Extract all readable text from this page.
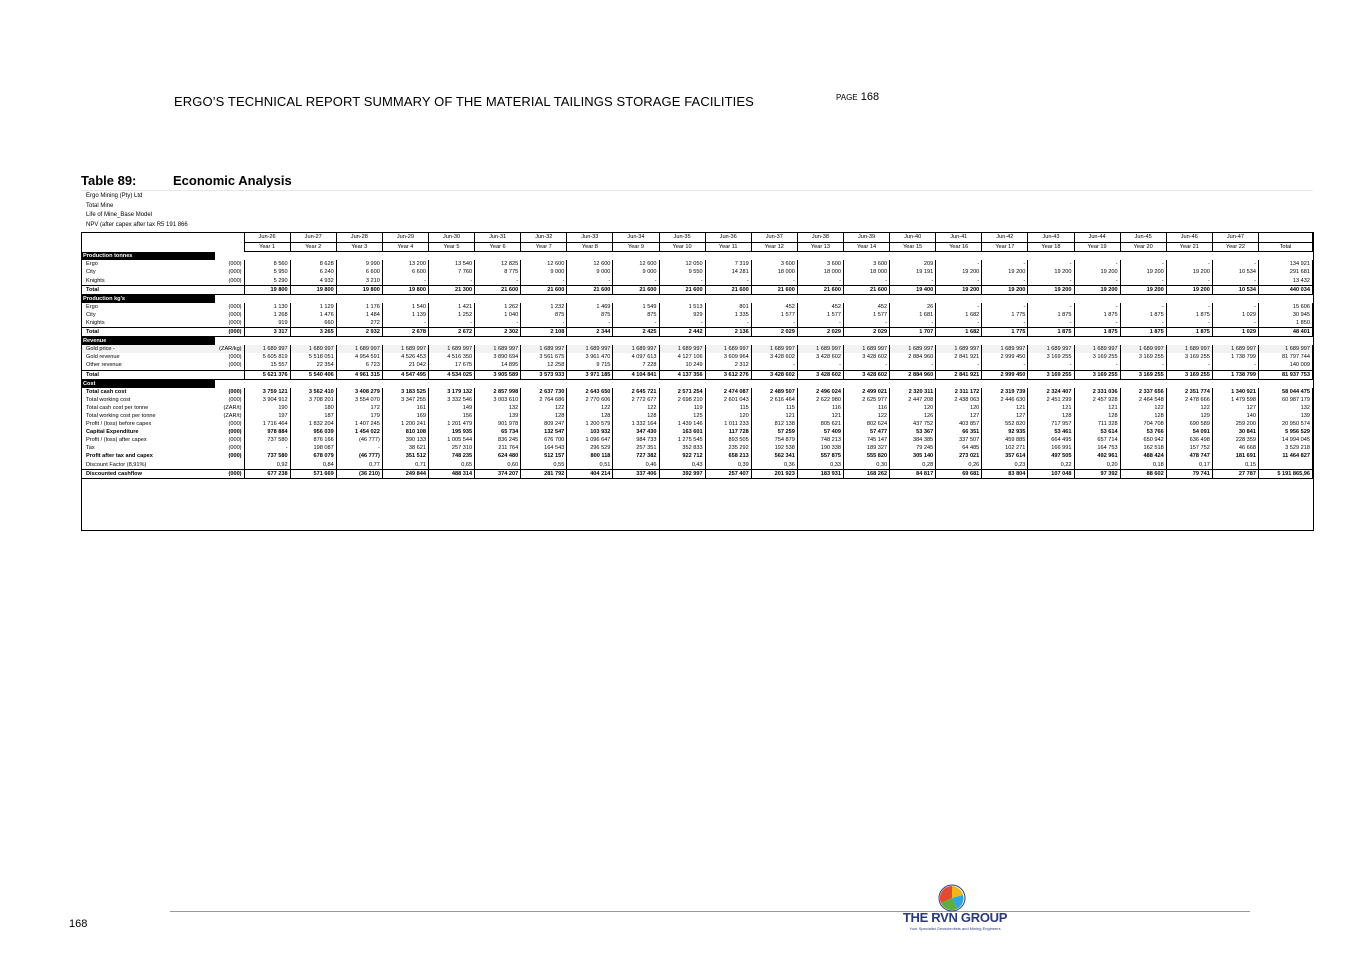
ERGO’S TECHNICAL REPORT SUMMARY OF THE MATERIAL TAILINGS STORAGE FACILITIES	PAGE 168
Table 89:	Economic Analysis
Ergo Mining (Pty) Ltd
Total Mine
Life of Mine_Base Model
NPV (after capex after tax R5 191 866
		Jun-26	Jun-27	Jun-28	Jun-29	Jun-30	Jun-31	Jun-32	Jun-33	Jun-34	Jun-35	Jun-36	Jun-37	Jun-38	Jun-39	Jun-40	Jun-41	Jun-42	Jun-43	Jun-44	Jun-45	Jun-46	Jun-47	
		Year 1	Year 2	Year 3	Year 4	Year 5	Year 6	Year 7	Year 8	Year 9	Year 10	Year 11	Year 12	Year 13	Year 14	Year 15	Year 16	Year 17	Year 18	Year 19	Year 20	Year 21	Year 22	Total
Production tonnes																								
Ergo	(000)	8 560	8 628	9 990	13 200	13 540	12 825	12 600	12 600	12 600	12 050	7 319	3 600	3 600	3 600	209	-	-	-	-	-	-	-	134 921
City	(000)	5 950	6 240	6 600	6 600	7 760	8 775	9 000	9 000	9 000	9 550	14 281	18 000	18 000	18 000	19 191	19 200	19 200	19 200	19 200	19 200	19 200	10 534	291 681
Knights	(000)	5 290	4 932	3 210	-	-	-	-	-	-	-	-	-	-	-	-	-	-	-	-	-	-	-	13 432
Total		19 800	19 800	19 800	19 800	21 300	21 600	21 600	21 600	21 600	21 600	21 600	21 600	21 600	21 600	19 400	19 200	19 200	19 200	19 200	19 200	19 200	10 534	440 034
Production kg's																								
Ergo	(000)	1 130	1 129	1 176	1 540	1 421	1 262	1 232	1 469	1 549	1 513	801	452	452	452	26	-	-	-	-	-	-	-	15 606
City	(000)	1 268	1 476	1 484	1 139	1 252	1 040	875	875	875	929	1 335	1 577	1 577	1 577	1 681	1 682	1 775	1 875	1 875	1 875	1 875	1 029	30 945
Knights	(000)	919	660	272	-	-	-	-	-	-	-	-	-	-	-	-	-	-	-	-	-	-	-	1 850
Total	(000)	3 317	3 265	2 932	2 678	2 672	2 302	2 108	2 344	2 425	2 442	2 136	2 029	2 029	2 029	1 707	1 682	1 775	1 875	1 875	1 875	1 875	1 029	48 401
Revenue																								
Gold price -	(ZAR/kg)	1 689 997	1 689 997	1 689 997	1 689 997	1 689 997	1 689 997	1 689 997	1 689 997	1 689 997	1 689 997	1 689 997	1 689 997	1 689 997	1 689 997	1 689 997	1 689 997	1 689 997	1 689 997	1 689 997	1 689 997	1 689 997	1 689 997	1 689 997
Gold revenue	(000)	5 605 819	5 518 051	4 954 591	4 526 453	4 516 350	3 890 694	3 561 675	3 961 470	4 097 613	4 127 106	3 609 964	3 428 602	3 428 602	3 428 602	2 884 960	2 841 921	2 999 450	3 169 255	3 169 255	3 169 255	3 169 255	1 738 799	81 797 744
Other revenue	(000)	15 557	22 354	6 723	21 042	17 675	14 895	12 258	9 715	7 228	10 249	2 312	-	-	-	-	-	-	-	-	-	-	-	140 009
Total		5 621 376	5 540 406	4 961 315	4 547 495	4 534 025	3 905 589	3 573 933	3 971 185	4 104 841	4 137 356	3 612 276	3 428 602	3 428 602	3 428 602	2 884 960	2 841 921	2 999 450	3 169 255	3 169 255	3 169 255	3 169 255	1 738 799	81 937 753
Cost																								
Total cash cost	(000)	3 759 121	3 562 410	3 408 279	3 183 525	3 179 132	2 857 998	2 637 730	2 643 650	2 645 721	2 571 254	2 474 087	2 489 507	2 496 024	2 499 021	2 320 311	2 311 172	2 319 739	2 324 407	2 331 036	2 337 656	2 351 774	1 340 921	58 044 475
Total working cost	(000)	3 904 912	3 708 201	3 554 070	3 347 255	3 332 546	3 003 610	2 764 686	2 770 606	2 772 677	2 698 210	2 601 043	2 616 464	2 622 980	2 625 977	2 447 208	2 438 063	2 446 630	2 451 299	2 457 928	2 464 548	2 478 666	1 479 598	60 987 179
Total cash cost per tonne	(ZAR/t)	190	180	172	161	149	132	122	122	122	119	115	115	116	116	120	120	121	121	121	122	122	127	132
Total working cost per tonne	(ZAR/t)	197	187	179	169	156	139	128	128	128	125	120	121	121	122	126	127	127	128	128	128	129	140	139
Profit / (loss) before capex	(000)	1 716 464	1 832 204	1 407 245	1 200 241	1 201 479	901 978	809 247	1 200 579	1 332 164	1 439 146	1 011 233	812 138	805 621	802 624	437 752	403 857	552 820	717 957	711 328	704 708	690 589	259 200	20 950 574
Capital Expenditure	(000)	978 884	956 039	1 454 022	810 108	195 935	65 734	132 547	103 932	347 430	163 601	117 728	57 259	57 409	57 477	53 367	66 351	92 935	53 461	53 614	53 766	54 091	30 841	5 956 529
Profit / (loss) after capex	(000)	737 580	876 166	(46 777)	390 133	1 005 544	836 245	676 700	1 096 647	984 733	1 275 545	893 505	754 879	748 213	745 147	384 385	337 507	459 885	664 495	657 714	650 942	636 498	228 359	14 994 045
Tax	(000)	-	198 087	-	38 621	257 310	211 764	164 543	296 529	257 351	352 833	235 292	192 538	190 338	189 327	79 245	64 485	102 271	166 991	164 753	162 518	157 752	46 668	3 529 218
Profit after tax and capex	(000)	737 580	678 079	(46 777)	351 512	748 235	624 480	512 157	800 118	727 382	922 712	658 213	562 341	557 875	555 820	305 140	273 021	357 614	497 505	492 961	488 424	478 747	181 691	11 464 827
Discount Factor (8,91%)		0,92	0,84	0,77	0,71	0,65	0,60	0,55	0,51	0,46	0,43	0,39	0,36	0,33	0,30	0,28	0,26	0,23	0,22	0,20	0,18	0,17	0,15	
Discounted cashflow	(000)	677 238	571 669	(36 210)	249 844	488 314	374 207	281 792	404 214	337 406	392 997	257 407	201 923	183 931	168 262	84 817	69 681	83 804	107 048	97 392	88 602	79 741	27 787	5 191 865,96
168	THE RVN GROUP
Your Specialist Geoscientists and Mining Engineers
